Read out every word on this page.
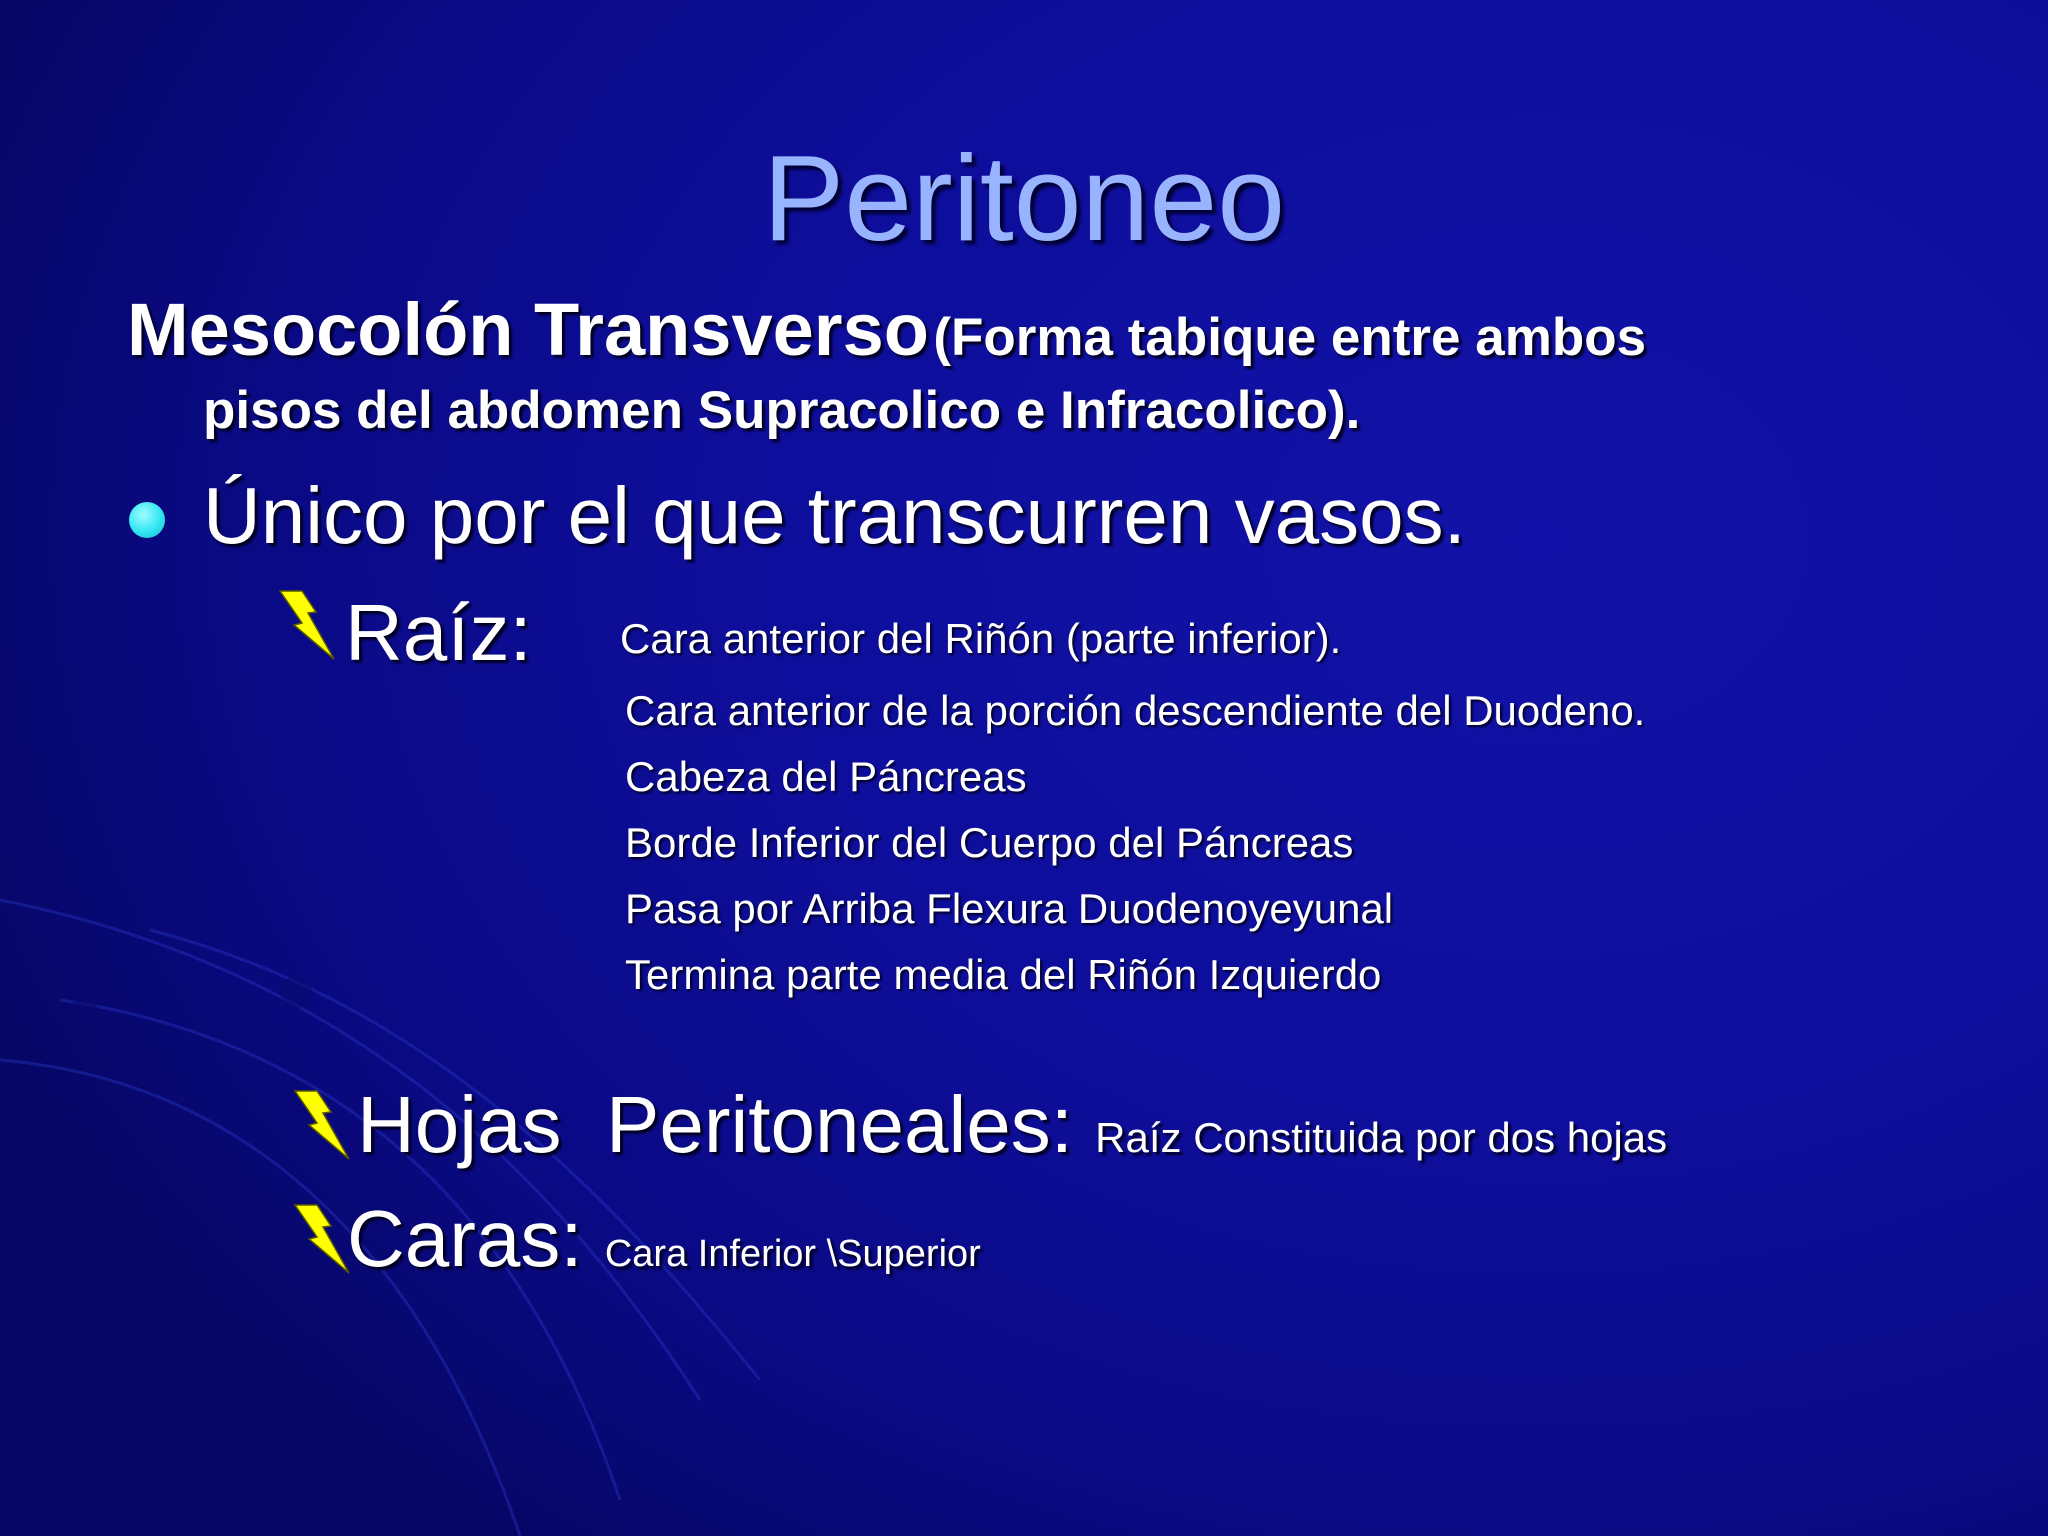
Peritoneo
Mesocolón Transverso (Forma tabique entre ambos
pisos del abdomen Supracolico e Infracolico).
Único por el que transcurren vasos.
Raíz: Cara anterior del Riñón (parte inferior).
Cara anterior de la porción descendiente del Duodeno.
Cabeza del Páncreas
Borde Inferior del Cuerpo del Páncreas
Pasa por Arriba Flexura Duodenoyeyunal
Termina parte media del Riñón Izquierdo
Hojas  Peritoneales: Raíz Constituida por dos hojas
Caras: Cara Inferior \Superior
